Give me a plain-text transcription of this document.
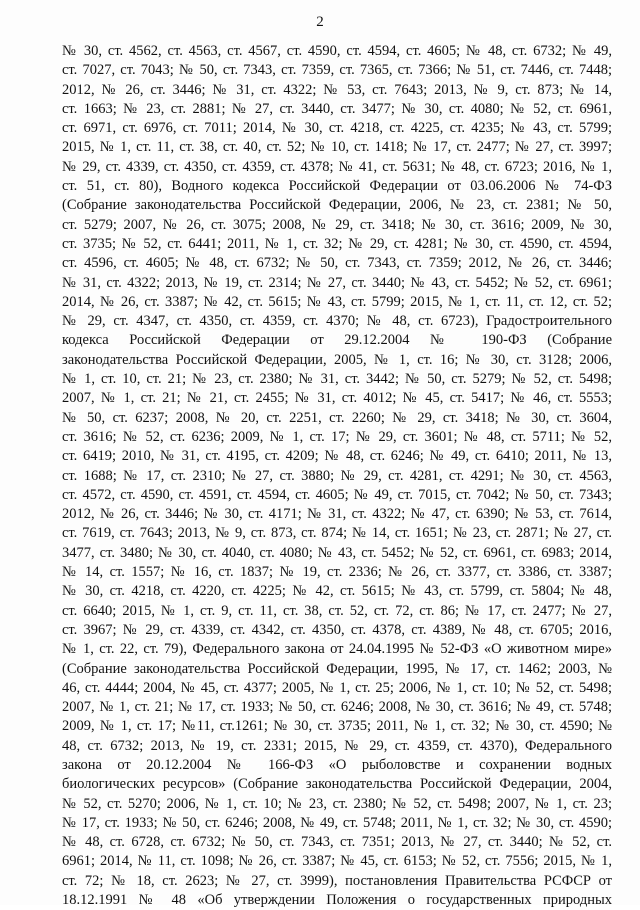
2
№ 30, ст. 4562, ст. 4563, ст. 4567, ст. 4590, ст. 4594, ст. 4605; № 48, ст. 6732; № 49,
ст. 7027, ст. 7043; № 50, ст. 7343, ст. 7359, ст. 7365, ст. 7366; № 51, ст. 7446, ст. 7448;
2012, № 26, ст. 3446; № 31, ст. 4322; № 53, ст. 7643; 2013, № 9, ст. 873; № 14,
ст. 1663; № 23, ст. 2881; № 27, ст. 3440, ст. 3477; № 30, ст. 4080; № 52, ст. 6961,
ст. 6971, ст. 6976, ст. 7011; 2014, № 30, ст. 4218, ст. 4225, ст. 4235; № 43, ст. 5799;
2015, № 1, ст. 11, ст. 38, ст. 40, ст. 52; № 10, ст. 1418; № 17, ст. 2477; № 27, ст. 3997;
№ 29, ст. 4339, ст. 4350, ст. 4359, ст. 4378; № 41, ст. 5631; № 48, ст. 6723; 2016, № 1,
ст. 51, ст. 80), Водного кодекса Российской Федерации от 03.06.2006 № 74-ФЗ
(Собрание законодательства Российской Федерации, 2006, № 23, ст. 2381; № 50,
ст. 5279; 2007, № 26, ст. 3075; 2008, № 29, ст. 3418; № 30, ст. 3616; 2009, № 30,
ст. 3735; № 52, ст. 6441; 2011, № 1, ст. 32; № 29, ст. 4281; № 30, ст. 4590, ст. 4594,
ст. 4596, ст. 4605; № 48, ст. 6732; № 50, ст. 7343, ст. 7359; 2012, № 26, ст. 3446;
№ 31, ст. 4322; 2013, № 19, ст. 2314; № 27, ст. 3440; № 43, ст. 5452; № 52, ст. 6961;
2014, № 26, ст. 3387; № 42, ст. 5615; № 43, ст. 5799; 2015, № 1, ст. 11, ст. 12, ст. 52;
№ 29, ст. 4347, ст. 4350, ст. 4359, ст. 4370; № 48, ст. 6723), Градостроительного
кодекса Российской Федерации от 29.12.2004 № 190-ФЗ (Собрание
законодательства Российской Федерации, 2005, № 1, ст. 16; № 30, ст. 3128; 2006,
№ 1, ст. 10, ст. 21; № 23, ст. 2380; № 31, ст. 3442; № 50, ст. 5279; № 52, ст. 5498;
2007, № 1, ст. 21; № 21, ст. 2455; № 31, ст. 4012; № 45, ст. 5417; № 46, ст. 5553;
№ 50, ст. 6237; 2008, № 20, ст. 2251, ст. 2260; № 29, ст. 3418; № 30, ст. 3604,
ст. 3616; № 52, ст. 6236; 2009, № 1, ст. 17; № 29, ст. 3601; № 48, ст. 5711; № 52,
ст. 6419; 2010, № 31, ст. 4195, ст. 4209; № 48, ст. 6246; № 49, ст. 6410; 2011, № 13,
ст. 1688; № 17, ст. 2310; № 27, ст. 3880; № 29, ст. 4281, ст. 4291; № 30, ст. 4563,
ст. 4572, ст. 4590, ст. 4591, ст. 4594, ст. 4605; № 49, ст. 7015, ст. 7042; № 50, ст. 7343;
2012, № 26, ст. 3446; № 30, ст. 4171; № 31, ст. 4322; № 47, ст. 6390; № 53, ст. 7614,
ст. 7619, ст. 7643; 2013, № 9, ст. 873, ст. 874; № 14, ст. 1651; № 23, ст. 2871; № 27, ст.
3477, ст. 3480; № 30, ст. 4040, ст. 4080; № 43, ст. 5452; № 52, ст. 6961, ст. 6983; 2014,
№ 14, ст. 1557; № 16, ст. 1837; № 19, ст. 2336; № 26, ст. 3377, ст. 3386, ст. 3387;
№ 30, ст. 4218, ст. 4220, ст. 4225; № 42, ст. 5615; № 43, ст. 5799, ст. 5804; № 48,
ст. 6640; 2015, № 1, ст. 9, ст. 11, ст. 38, ст. 52, ст. 72, ст. 86; № 17, ст. 2477; № 27,
ст. 3967; № 29, ст. 4339, ст. 4342, ст. 4350, ст. 4378, ст. 4389, № 48, ст. 6705; 2016,
№ 1, ст. 22, ст. 79), Федерального закона от 24.04.1995 № 52-ФЗ «О животном мире»
(Собрание законодательства Российской Федерации, 1995, № 17, ст. 1462; 2003, №
46, ст. 4444; 2004, № 45, ст. 4377; 2005, № 1, ст. 25; 2006, № 1, ст. 10; № 52, ст. 5498;
2007, № 1, ст. 21; № 17, ст. 1933; № 50, ст. 6246; 2008, № 30, ст. 3616; № 49, ст. 5748;
2009, № 1, ст. 17; №11, ст.1261; № 30, ст. 3735; 2011, № 1, ст. 32; № 30, ст. 4590; №
48, ст. 6732; 2013, № 19, ст. 2331; 2015, № 29, ст. 4359, ст. 4370), Федерального
закона от 20.12.2004 № 166-ФЗ «О рыболовстве и сохранении водных
биологических ресурсов» (Собрание законодательства Российской Федерации, 2004,
№ 52, ст. 5270; 2006, № 1, ст. 10; № 23, ст. 2380; № 52, ст. 5498; 2007, № 1, ст. 23;
№ 17, ст. 1933; № 50, ст. 6246; 2008, № 49, ст. 5748; 2011, № 1, ст. 32; № 30, ст. 4590;
№ 48, ст. 6728, ст. 6732; № 50, ст. 7343, ст. 7351; 2013, № 27, ст. 3440; № 52, ст.
6961; 2014, № 11, ст. 1098; № 26, ст. 3387; № 45, ст. 6153; № 52, ст. 7556; 2015, № 1,
ст. 72; № 18, ст. 2623; № 27, ст. 3999), постановления Правительства РСФСР от
18.12.1991 № 48 «Об утверждении Положения о государственных природных
